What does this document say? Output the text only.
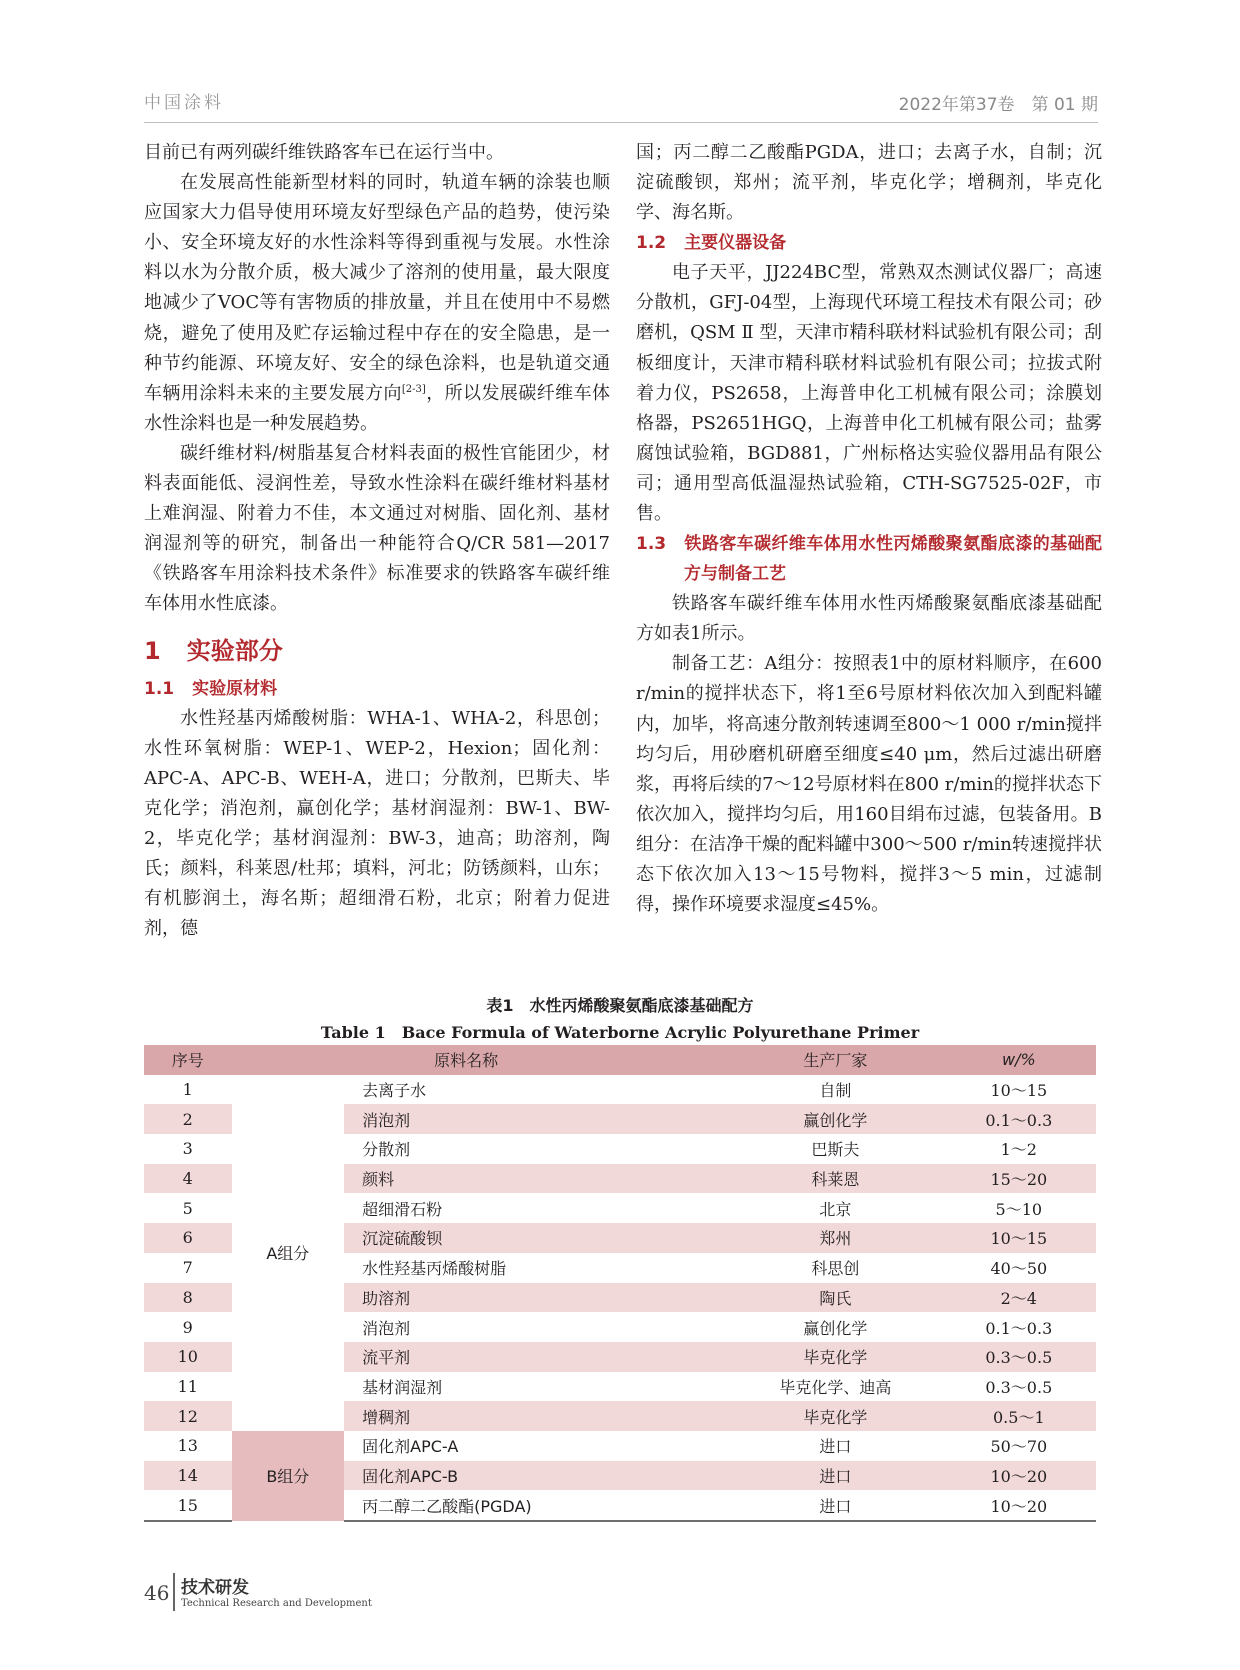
中国涂料	2022年第37卷　第 01 期

目前已有两列碳纤维铁路客车已在运行当中。

在发展高性能新型材料的同时，轨道车辆的涂装也顺应国家大力倡导使用环境友好型绿色产品的趋势，使污染小、安全环境友好的水性涂料等得到重视与发展。水性涂料以水为分散介质，极大减少了溶剂的使用量，最大限度地减少了VOC等有害物质的排放量，并且在使用中不易燃烧，避免了使用及贮存运输过程中存在的安全隐患，是一种节约能源、环境友好、安全的绿色涂料，也是轨道交通车辆用涂料未来的主要发展方向[2-3]，所以发展碳纤维车体水性涂料也是一种发展趋势。

碳纤维材料/树脂基复合材料表面的极性官能团少，材料表面能低、浸润性差，导致水性涂料在碳纤维材料基材上难润湿、附着力不佳，本文通过对树脂、固化剂、基材润湿剂等的研究，制备出一种能符合Q/CR 581—2017《铁路客车用涂料技术条件》标准要求的铁路客车碳纤维车体用水性底漆。

1 实验部分
1.1 实验原材料

水性羟基丙烯酸树脂：WHA-1、WHA-2，科思创；水性环氧树脂：WEP-1、WEP-2，Hexion；固化剂：APC-A、APC-B、WEH-A，进口；分散剂，巴斯夫、毕克化学；消泡剂，赢创化学；基材润湿剂：BW-1、BW-2，毕克化学；基材润湿剂：BW-3，迪高；助溶剂，陶氏；颜料，科莱恩/杜邦；填料，河北；防锈颜料，山东；有机膨润土，海名斯；超细滑石粉，北京；附着力促进剂，德

国；丙二醇二乙酸酯PGDA，进口；去离子水，自制；沉淀硫酸钡，郑州；流平剂，毕克化学；增稠剂，毕克化学、海名斯。

1.2 主要仪器设备

电子天平，JJ224BC型，常熟双杰测试仪器厂；高速分散机，GFJ-04型，上海现代环境工程技术有限公司；砂磨机，QSM Ⅱ 型，天津市精科联材料试验机有限公司；刮板细度计，天津市精科联材料试验机有限公司；拉拔式附着力仪，PS2658，上海普申化工机械有限公司；涂膜划格器，PS2651HGQ，上海普申化工机械有限公司；盐雾腐蚀试验箱，BGD881，广州标格达实验仪器用品有限公司；通用型高低温湿热试验箱，CTH-SG7525-02F，市售。

1.3 铁路客车碳纤维车体用水性丙烯酸聚氨酯底漆的基础配方与制备工艺

铁路客车碳纤维车体用水性丙烯酸聚氨酯底漆基础配方如表1所示。

制备工艺：A组分：按照表1中的原材料顺序，在600 r/min的搅拌状态下，将1至6号原材料依次加入到配料罐内，加毕，将高速分散剂转速调至800～1 000 r/min搅拌均匀后，用砂磨机研磨至细度≤40 μm，然后过滤出研磨浆，再将后续的7～12号原材料在800 r/min的搅拌状态下依次加入，搅拌均匀后，用160目绢布过滤，包装备用。B组分：在洁净干燥的配料罐中300～500 r/min转速搅拌状态下依次加入13～15号物料，搅拌3～5 min，过滤制得，操作环境要求湿度≤45%。

表1　水性丙烯酸聚氨酯底漆基础配方
Table 1　Bace Formula of Waterborne Acrylic Polyurethane Primer
序号		原料名称	生产厂家	w/%
1	A组分	去离子水	自制	10～15
2		消泡剂	赢创化学	0.1～0.3
3		分散剂	巴斯夫	1～2
4		颜料	科莱恩	15～20
5		超细滑石粉	北京	5～10
6		沉淀硫酸钡	郑州	10～15
7		水性羟基丙烯酸树脂	科思创	40～50
8		助溶剂	陶氏	2～4
9		消泡剂	赢创化学	0.1～0.3
10		流平剂	毕克化学	0.3～0.5
11		基材润湿剂	毕克化学、迪高	0.3～0.5
12		增稠剂	毕克化学	0.5～1
13	B组分	固化剂APC-A	进口	50～70
14		固化剂APC-B	进口	10～20
15		丙二醇二乙酸酯(PGDA)	进口	10～20
46 技术研发
Technical Research and Development
